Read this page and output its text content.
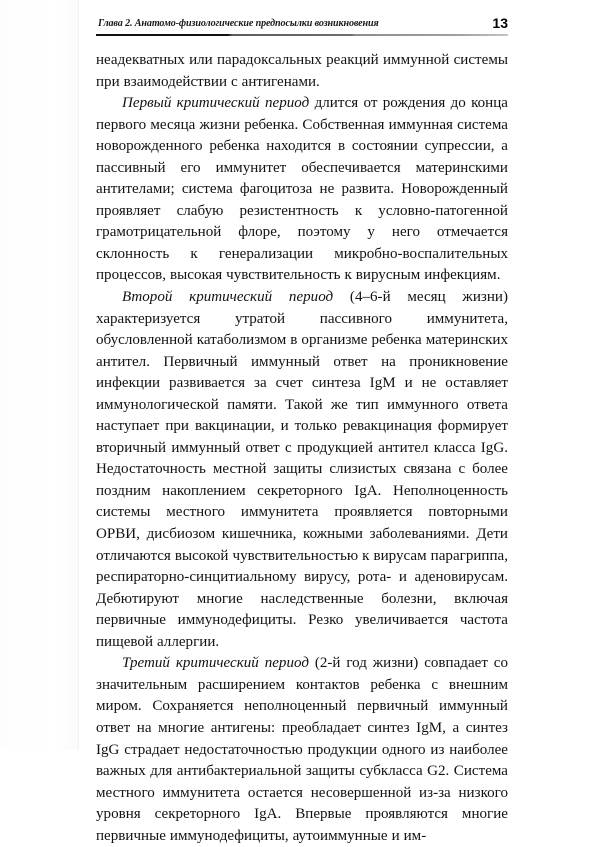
Глава 2. Анатомо-физиологические предпосылки возникновения	13

неадекватных или парадоксальных реакций иммунной системы при взаимодействии с антигенами.

Первый критический период длится от рождения до конца первого месяца жизни ребенка. Собственная иммунная система новорожденного ребенка находится в состоянии супрессии, а пассивный его иммунитет обеспечивается материнскими антителами; система фагоцитоза не развита. Новорожденный проявляет слабую резистентность к условно-патогенной грамотрицательной флоре, поэтому у него отмечается склонность к генерализации микробно-воспалительных процессов, высокая чувствительность к вирусным инфекциям.

Второй критический период (4–6-й месяц жизни) характеризуется утратой пассивного иммунитета, обусловленной катаболизмом в организме ребенка материнских антител. Первичный иммунный ответ на проникновение инфекции развивается за счет синтеза IgM и не оставляет иммунологической памяти. Такой же тип иммунного ответа наступает при вакцинации, и только ревакцинация формирует вторичный иммунный ответ с продукцией антител класса IgG. Недостаточность местной защиты слизистых связана с более поздним накоплением секреторного IgA. Неполноценность системы местного иммунитета проявляется повторными ОРВИ, дисбиозом кишечника, кожными заболеваниями. Дети отличаются высокой чувствительностью к вирусам парагриппа, респираторно-синцитиальному вирусу, рота- и аденовирусам. Дебютируют многие наследственные болезни, включая первичные иммунодефициты. Резко увеличивается частота пищевой аллергии.

Третий критический период (2-й год жизни) совпадает со значительным расширением контактов ребенка с внешним миром. Сохраняется неполноценный первичный иммунный ответ на многие антигены: преобладает синтез IgM, а синтез IgG страдает недостаточностью продукции одного из наиболее важных для антибактериальной защиты субкласса G2. Система местного иммунитета остается несовершенной из-за низкого уровня секреторного IgA. Впервые проявляются многие первичные иммунодефициты, аутоиммунные и им-
